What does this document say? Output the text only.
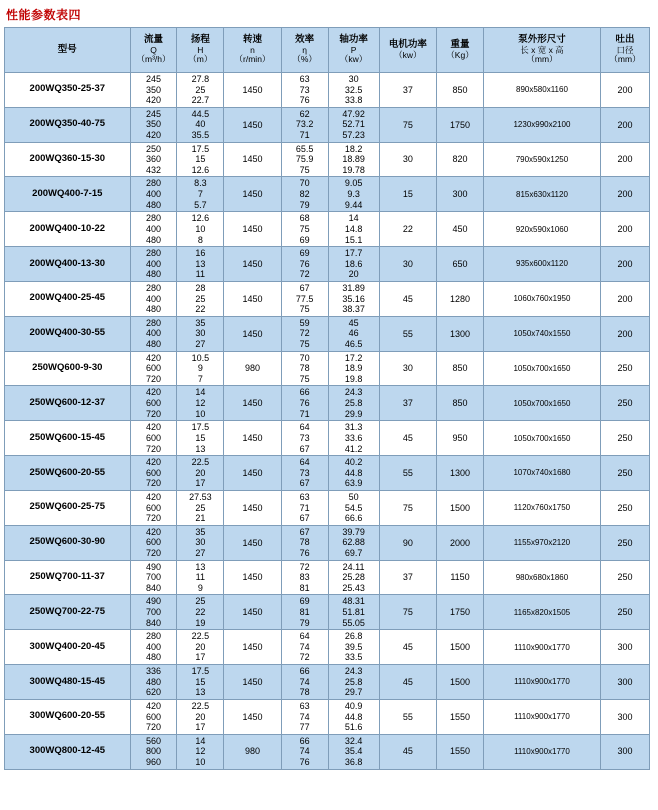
性能参数表四
型号	流量
Q
（m³/h）	扬程
H
（m）	转速
n
（r/min）	效率
η
（%）	轴功率
P
（kw）	电机功率
（kw）	重量
（Kg）	泵外形尺寸
长 x 宽 x 高
（mm）	吐出
口径
（mm）

200WQ350-25-37	245
350
420	27.8
25
22.7	1450	63
73
76	30
32.5
33.8	37	850	890x580x1160	200
200WQ350-40-75	245
350
420	44.5
40
35.5	1450	62
73.2
71	47.92
52.71
57.23	75	1750	1230x990x2100	200
200WQ360-15-30	250
360
432	17.5
15
12.6	1450	65.5
75.9
75	18.2
18.89
19.78	30	820	790x590x1250	200
200WQ400-7-15	280
400
480	8.3
7
5.7	1450	70
82
79	9.05
9.3
9.44	15	300	815x630x1120	200
200WQ400-10-22	280
400
480	12.6
10
8	1450	68
75
69	14
14.8
15.1	22	450	920x590x1060	200
200WQ400-13-30	280
400
480	16
13
11	1450	69
76
72	17.7
18.6
20	30	650	935x600x1120	200
200WQ400-25-45	280
400
480	28
25
22	1450	67
77.5
75	31.89
35.16
38.37	45	1280	1060x760x1950	200
200WQ400-30-55	280
400
480	35
30
27	1450	59
72
75	45
46
46.5	55	1300	1050x740x1550	200
250WQ600-9-30	420
600
720	10.5
9
7	980	70
78
75	17.2
18.9
19.8	30	850	1050x700x1650	250
250WQ600-12-37	420
600
720	14
12
10	1450	66
76
71	24.3
25.8
29.9	37	850	1050x700x1650	250
250WQ600-15-45	420
600
720	17.5
15
13	1450	64
73
67	31.3
33.6
41.2	45	950	1050x700x1650	250
250WQ600-20-55	420
600
720	22.5
20
17	1450	64
73
67	40.2
44.8
63.9	55	1300	1070x740x1680	250
250WQ600-25-75	420
600
720	27.53
25
21	1450	63
71
67	50
54.5
66.6	75	1500	1120x760x1750	250
250WQ600-30-90	420
600
720	35
30
27	1450	67
78
76	39.79
62.88
69.7	90	2000	1155x970x2120	250
250WQ700-11-37	490
700
840	13
11
9	1450	72
83
81	24.11
25.28
25.43	37	1150	980x680x1860	250
250WQ700-22-75	490
700
840	25
22
19	1450	69
81
79	48.31
51.81
55.05	75	1750	1165x820x1505	250
300WQ400-20-45	280
400
480	22.5
20
17	1450	64
74
72	26.8
39.5
33.5	45	1500	1110x900x1770	300
300WQ480-15-45	336
480
620	17.5
15
13	1450	66
74
78	24.3
25.8
29.7	45	1500	1110x900x1770	300
300WQ600-20-55	420
600
720	22.5
20
17	1450	63
74
77	40.9
44.8
51.6	55	1550	1110x900x1770	300
300WQ800-12-45	560
800
960	14
12
10	980	66
74
76	32.4
35.4
36.8	45	1550	1110x900x1770	300
